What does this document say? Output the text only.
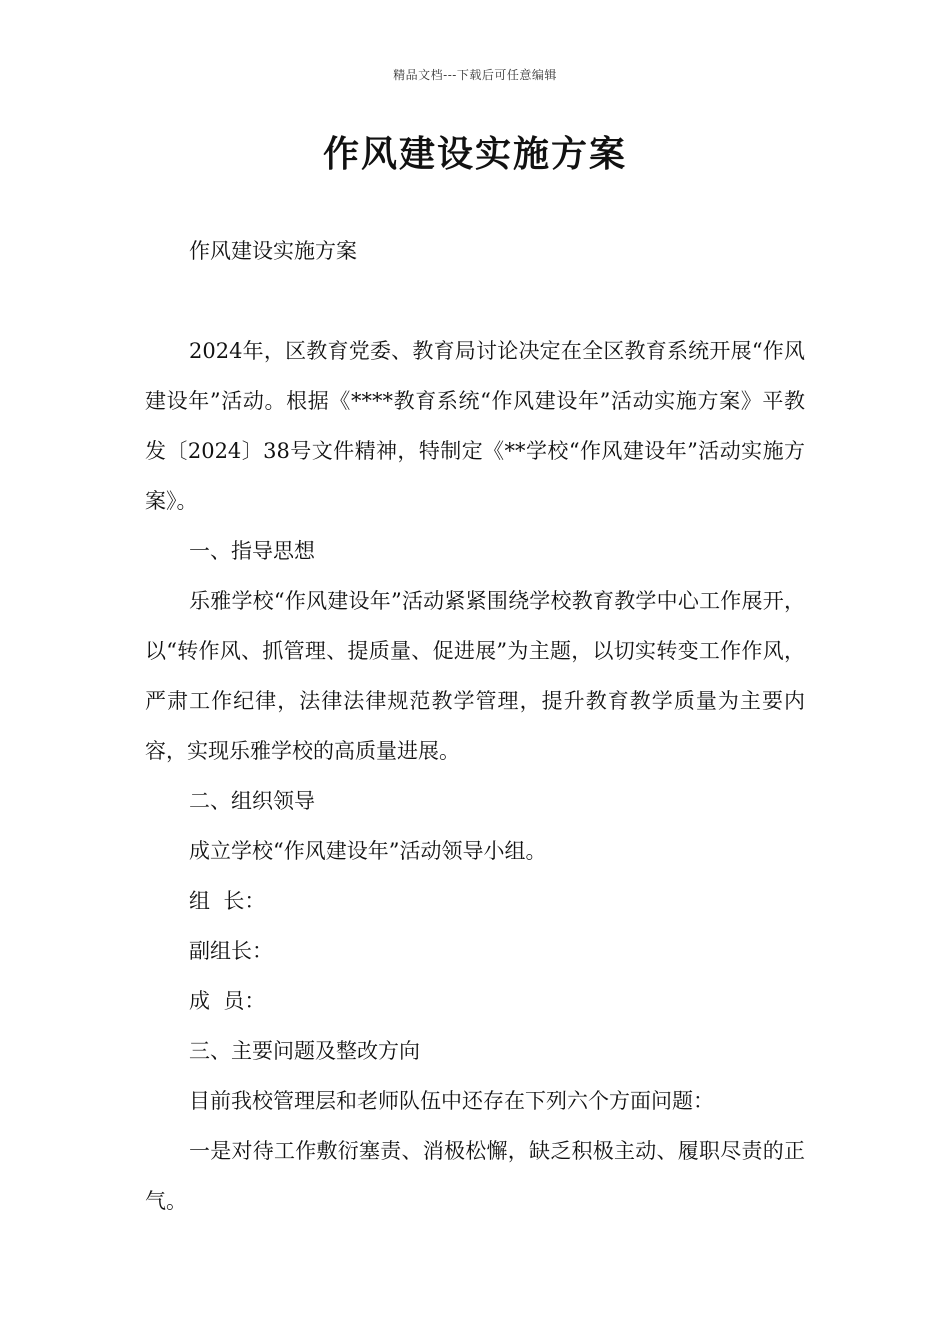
精品文档---下载后可任意编辑
作风建设实施方案

作风建设实施方案

2024年，区教育党委、教育局讨论决定在全区教育系统开展“作风建设年”活动。根据《****教育系统“作风建设年”活动实施方案》平教发〔2024〕38号文件精神，特制定《**学校“作风建设年”活动实施方案》。

一、指导思想

乐雅学校“作风建设年”活动紧紧围绕学校教育教学中心工作展开，以“转作风、抓管理、提质量、促进展”为主题，以切实转变工作作风，严肃工作纪律，法律法律规范教学管理，提升教育教学质量为主要内容，实现乐雅学校的高质量进展。

二、组织领导

成立学校“作风建设年”活动领导小组。

组  长：

副组长：

成  员：

三、主要问题及整改方向

目前我校管理层和老师队伍中还存在下列六个方面问题：

一是对待工作敷衍塞责、消极松懈，缺乏积极主动、履职尽责的正气。
